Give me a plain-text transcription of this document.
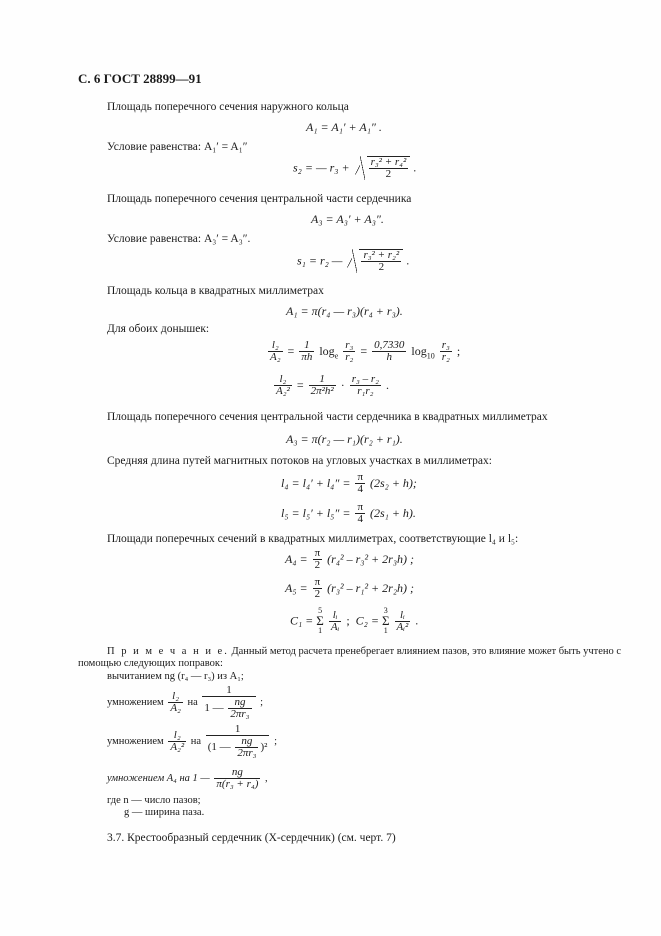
С. 6 ГОСТ 28899—91
Площадь поперечного сечения наружного кольца
A₁ = A₁′ + A₁″ .
Условие равенства: A₁′ = A₁″
s₂ = — $r_3 + \frac{\text{r₃² + r₄²}}{2}$ .
Площадь поперечного сечения центральной части сердечника
A₃ = A₃′ + A₃″.
Условие равенства: A₃′ = A₃″.
s₁ = r₂ — $\frac{\text{r₃² + r₂²}}{2}$ .
Площадь кольца в квадратных миллиметрах
A₁ = π(r₄ — r₃)(r₄ + r₃).
Для обоих донышек:
$\frac{\text{l₂}}{\text{A₂}} = \frac{1}{\pi h} \log_e \frac{\text{r₃}}{\text{r₂}} = \frac{0,7330}{h} \log_{10} \frac{\text{r₃}}{\text{r₂}}$ ;
$\frac{\text{l₂}}{\text{A₂²}} = \frac{1}{\text{2π²h²}} \cdot \frac{\text{r₃ – r₂}}{\text{r₁r₂}}$ .
Площадь поперечного сечения центральной части сердечника в квадратных миллиметрах
A₃ = π(r₂ — r₁)(r₂ + r₁).
Средняя длина путей магнитных потоков на угловых участках в миллиметрах:
$l_4 = l_4' + l_4'' = \frac{\pi}{4} (2s_2 + h)$;
$l_5 = l_5' + l_5'' = \frac{\pi}{4} (2s_1 + h)$.
Площади поперечных сечений в квадратных миллиметрах, соответствующие l₄ и l₅:
$A_4 = \frac{\pi}{2} (r_4^2 - r_3^2 + 2r_3h)$ ;
$A_5 = \frac{\pi}{2} (r_3^2 - r_1^2 + 2r_2h)$ ;
C₁ = 5
Σ
$1 \frac{\text{lᵢ}}{\text{Aᵢ}}$ ;  C₂ = 3
Σ
$1 \frac{\text{lᵢ}}{\text{Aᵢ²}}$ .
П р и м е ч а н и е. Данный метод расчета пренебрегает влиянием пазов, это влияние может быть учтено с
помощью следующих поправок:
вычитанием ng (r₄ — r₃) из A₁;
умножением $\frac{\text{l₂}}{\text{A₂}}$ на $\frac{1}{1 — \frac{ng}{\text{2πr₃}}}$ ;
умножением $\frac{\text{l₂}}{\text{A₂²}}$ на $\frac{1}{(1 — \frac{ng}{\text{2πr₃}} )^2}$ ;
умножением A₄ на 1 — $\frac{ng}{\text{π(r₃ + r₄)}}$ ,
где n — число пазов;
g — ширина паза.
3.7. Крестообразный сердечник (X-сердечник) (см. черт. 7)
